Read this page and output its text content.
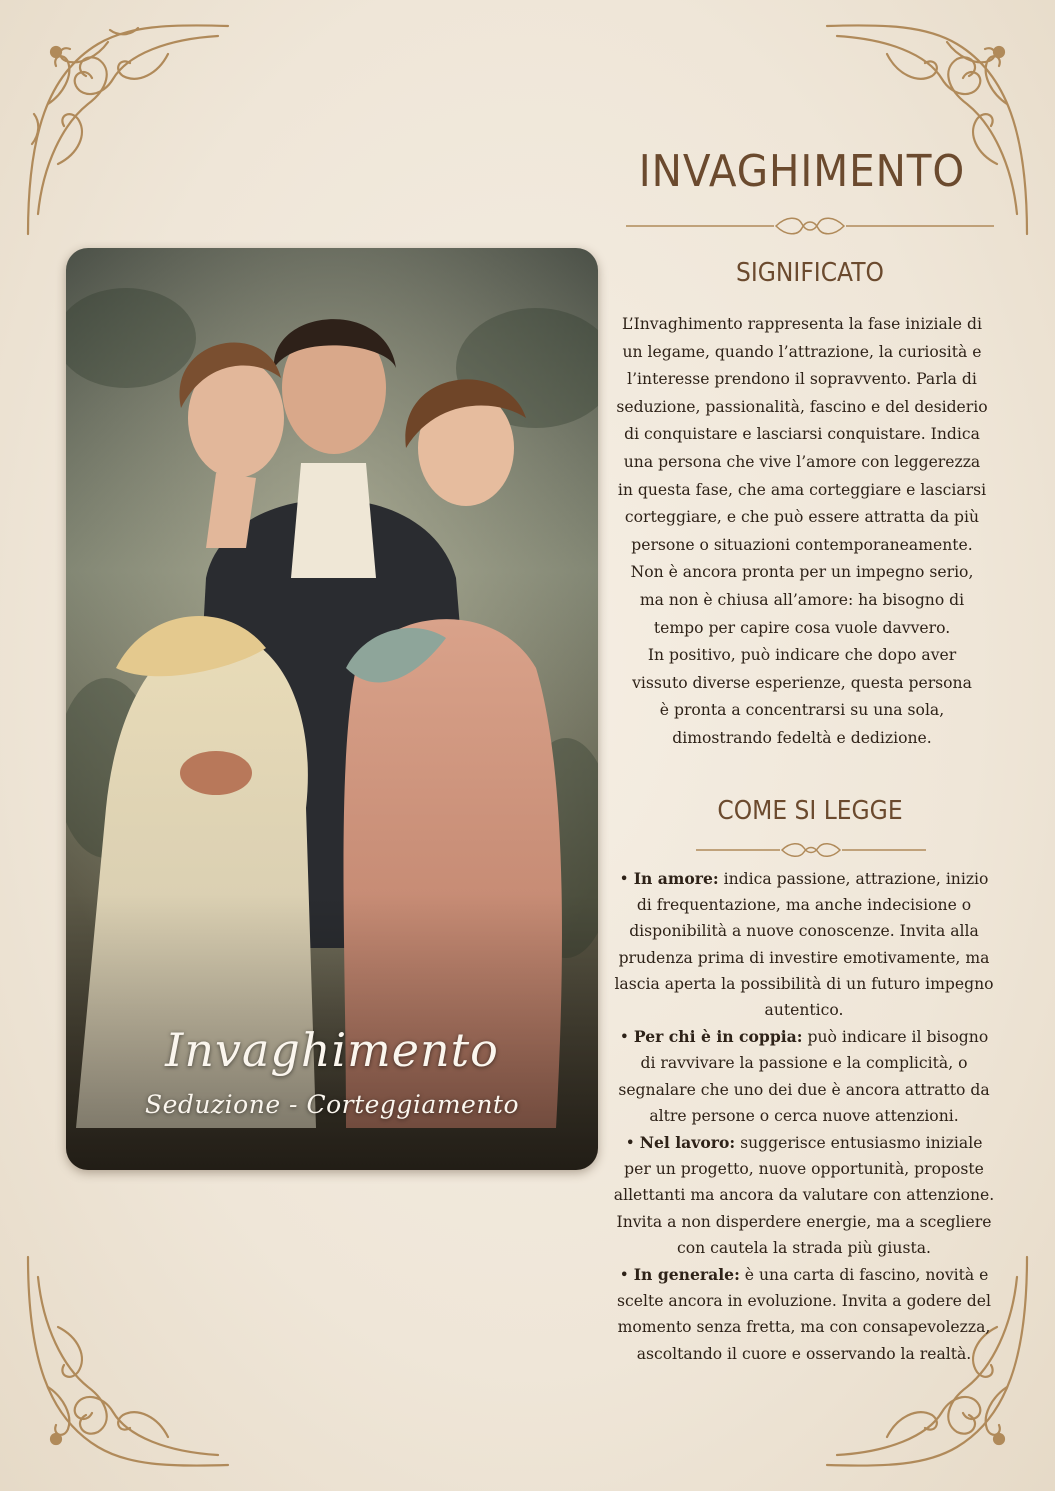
Invaghimento
Seduzione - Corteggiamento
INVAGHIMENTO
SIGNIFICATO
L’Invaghimento rappresenta la fase iniziale di
un legame, quando l’attrazione, la curiosità e
l’interesse prendono il sopravvento. Parla di
seduzione, passionalità, fascino e del desiderio
di conquistare e lasciarsi conquistare. Indica
una persona che vive l’amore con leggerezza
in questa fase, che ama corteggiare e lasciarsi
corteggiare, e che può essere attratta da più
persone o situazioni contemporaneamente.
Non è ancora pronta per un impegno serio,
ma non è chiusa all’amore: ha bisogno di
tempo per capire cosa vuole davvero.
In positivo, può indicare che dopo aver
vissuto diverse esperienze, questa persona
è pronta a concentrarsi su una sola,
dimostrando fedeltà e dedizione.
COME SI LEGGE
• In amore: indica passione, attrazione, inizio di frequentazione, ma anche indecisione o disponibilità a nuove conoscenze. Invita alla prudenza prima di investire emotivamente, ma lascia aperta la possibilità di un futuro impegno autentico.
• Per chi è in coppia: può indicare il bisogno di ravvivare la passione e la complicità, o segnalare che uno dei due è ancora attratto da altre persone o cerca nuove attenzioni.
• Nel lavoro: suggerisce entusiasmo iniziale per un progetto, nuove opportunità, proposte allettanti ma ancora da valutare con attenzione. Invita a non disperdere energie, ma a scegliere con cautela la strada più giusta.
• In generale: è una carta di fascino, novità e scelte ancora in evoluzione. Invita a godere del momento senza fretta, ma con consapevolezza, ascoltando il cuore e osservando la realtà.
